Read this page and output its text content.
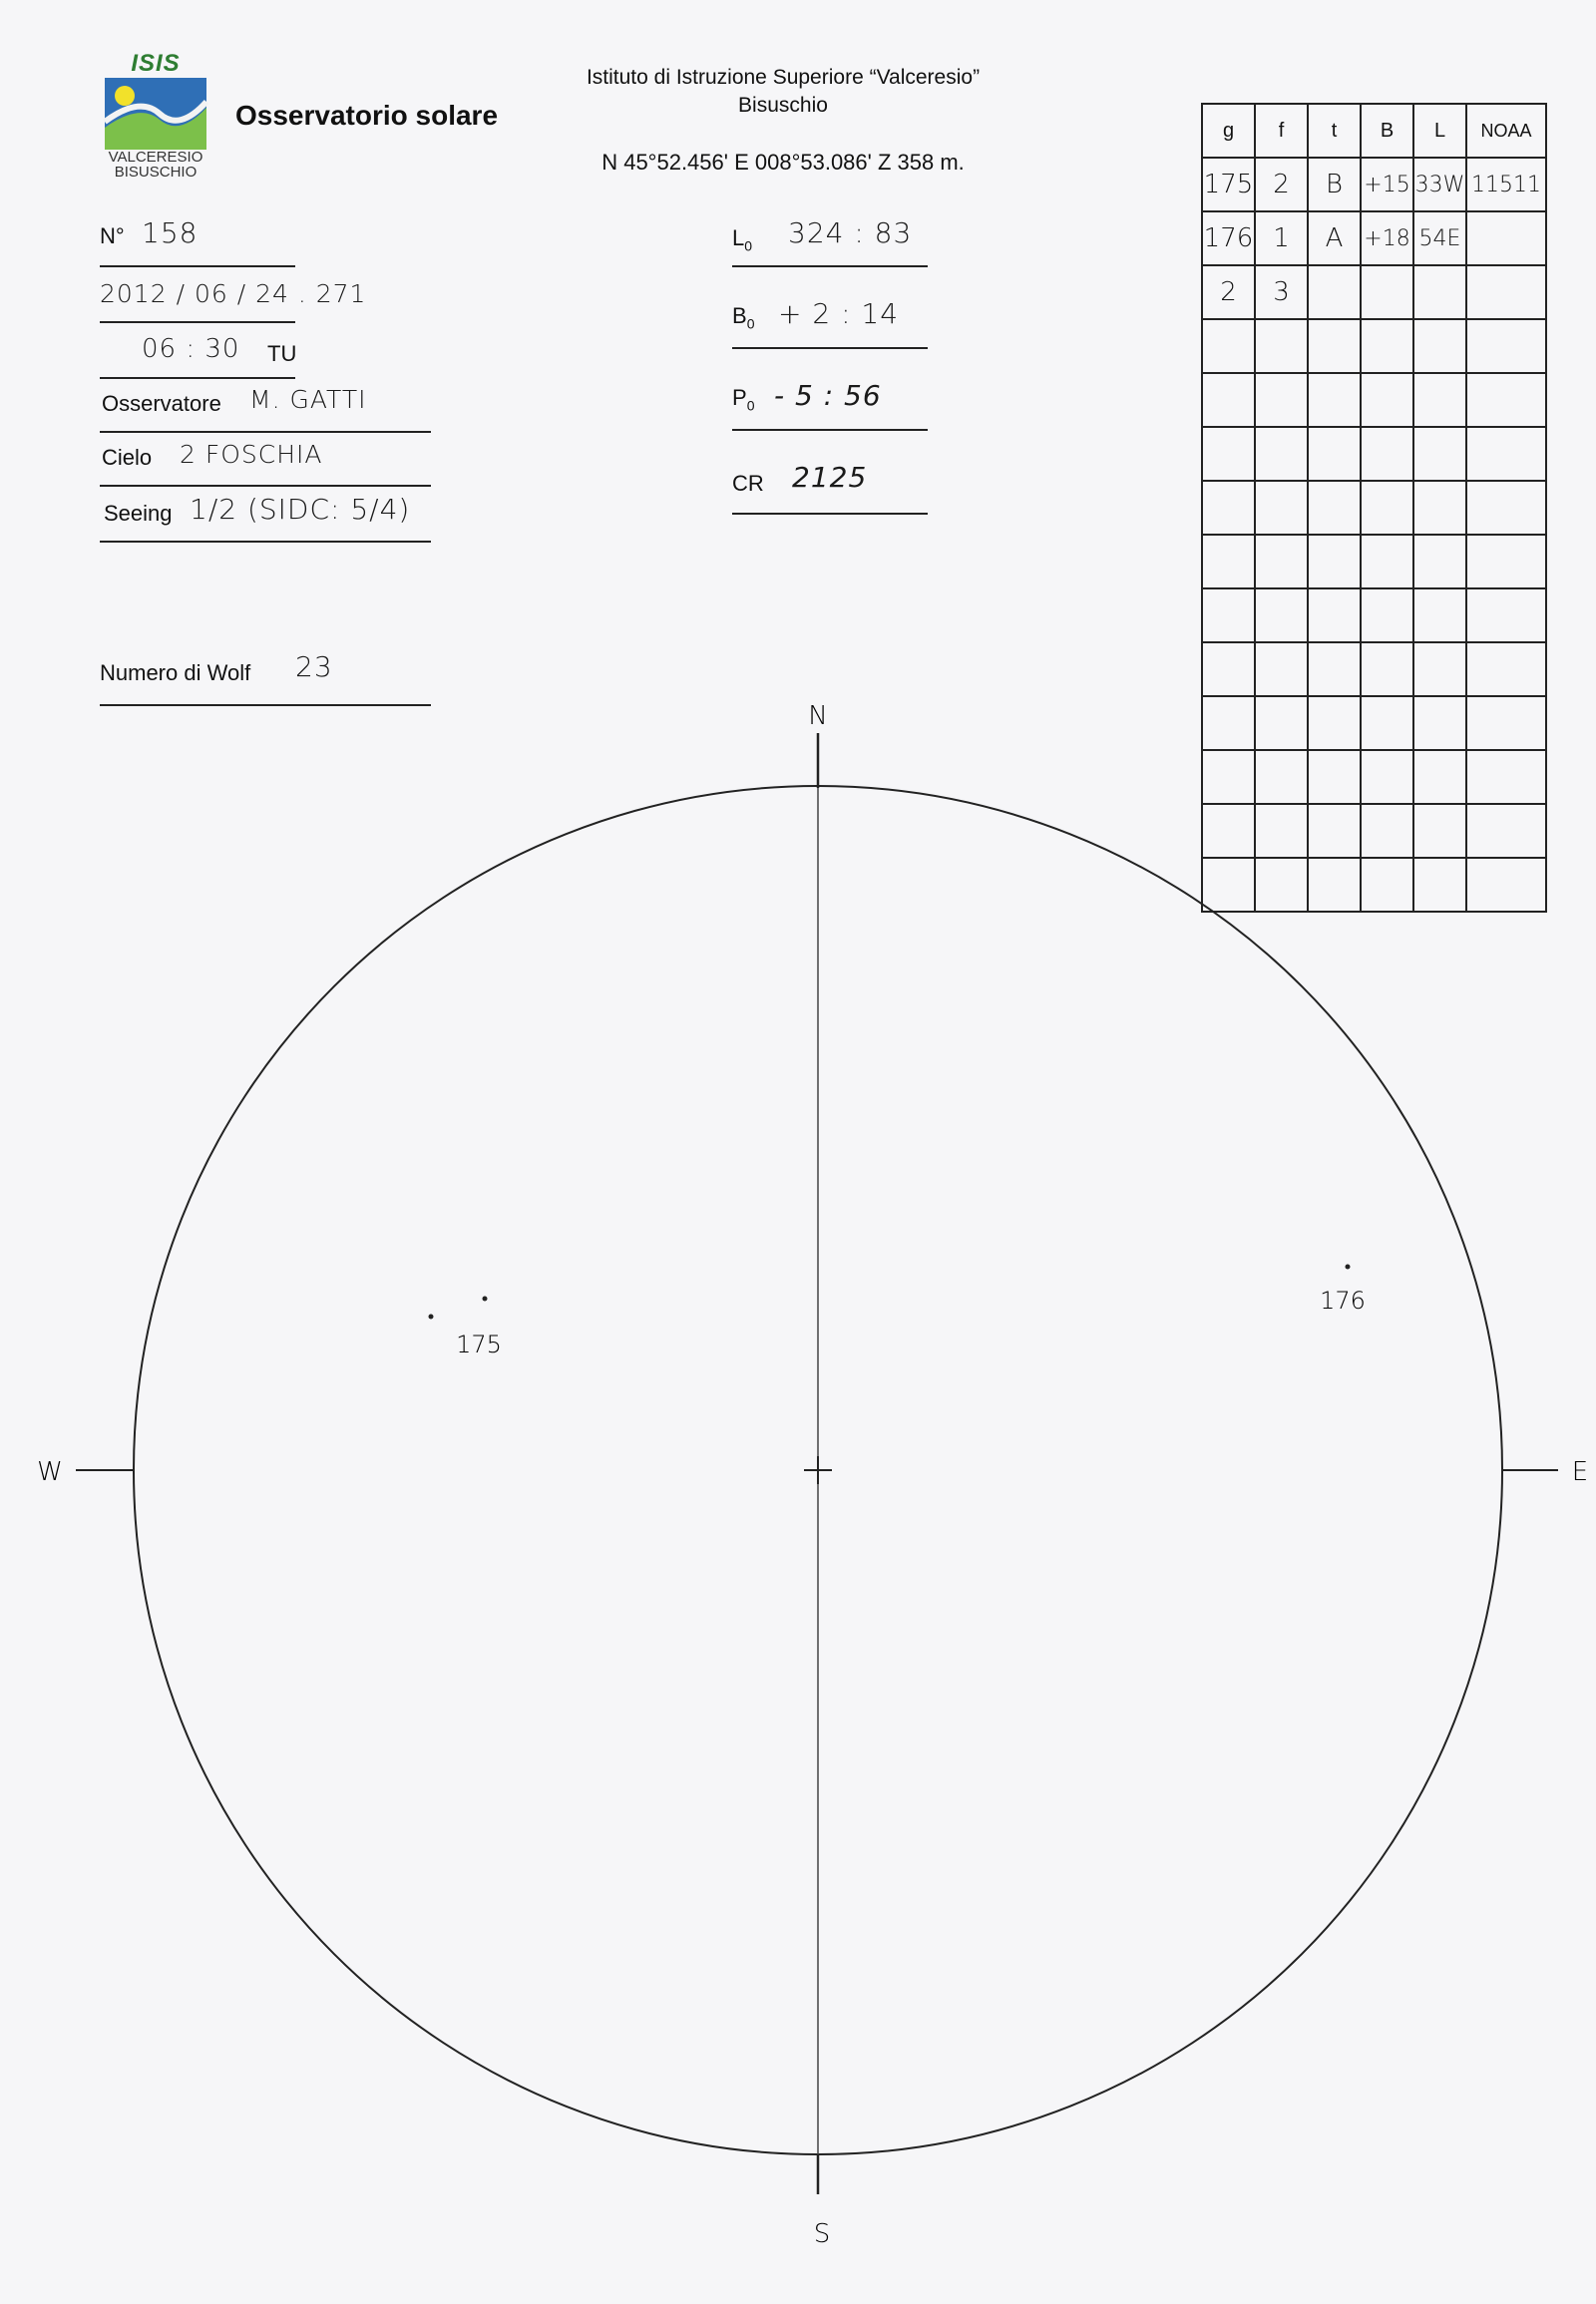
ISIS
VALCERESIO
BISUSCHIO
Osservatorio solare
Istituto di Istruzione Superiore “Valceresio”
Bisuschio
N 45°52.456' E 008°53.086' Z 358 m.
N° 158
2012 / 06 / 24 . 271
06 : 30 TU
Osservatore M. GATTI
Cielo 2 FOSCHIA
Seeing 1/2 (SIDC: 5/4)
Numero di Wolf 23
$L_0$ 324 : 83
$B_0 + 2$ : 14
$P_0 - 5$ : 56
CR 2125
g	f	t	B	L	NOAA
175	2	B	+15	33W	11511
176	1	A	+18	54E	
2	3				

N
S
W	E
175
176
